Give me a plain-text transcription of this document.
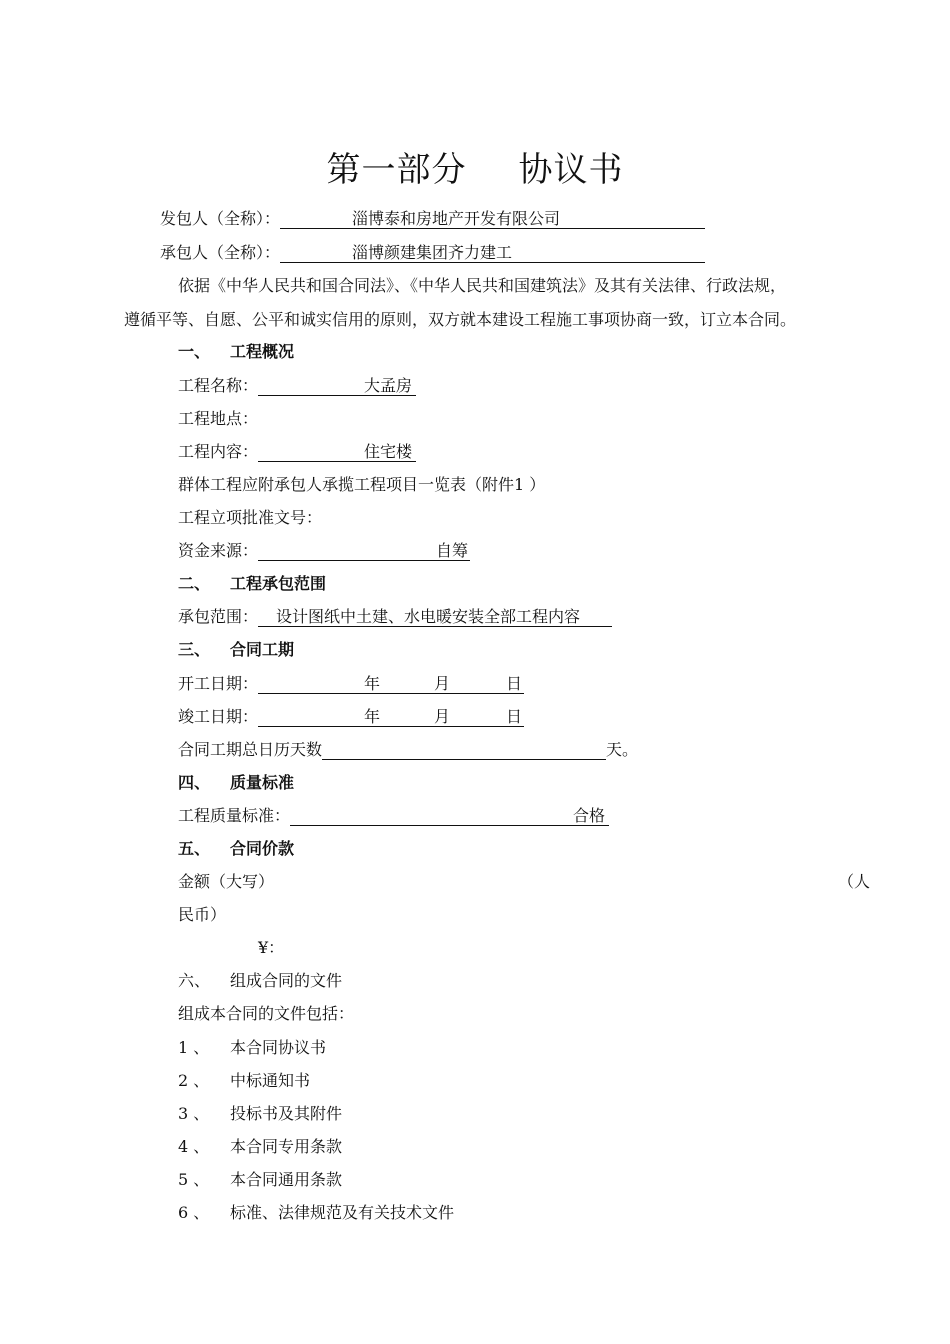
第一部分 协议书
发包人（全称）：	淄博泰和房地产开发有限公司
承包人（全称）：	淄博颜建集团齐力建工
依据《中华人民共和国合同法》、《中华人民共和国建筑法》及其有关法律、行政法规，
遵循平等、自愿、公平和诚实信用的原则，双方就本建设工程施工事项协商一致，订立本合同。
一、 工程概况
工程名称：	大孟房
工程地点：
工程内容：	住宅楼
群体工程应附承包人承揽工程项目一览表（附件1 ）
工程立项批准文号：
资金来源：	自筹
二、 工程承包范围
承包范围： 设计图纸中土建、水电暖安装全部工程内容
三、 合同工期
开工日期：	年	月	日
竣工日期：	年	月	日
合同工期总日历天数	天。
四、 质量标准
工程质量标准：	合格
五、 合同价款
金额（大写）	（人
民币）
¥：
六、 组成合同的文件
组成本合同的文件包括：
1 、 本合同协议书
2 、 中标通知书
3 、 投标书及其附件
4 、 本合同专用条款
5 、 本合同通用条款
6 、 标准、法律规范及有关技术文件
